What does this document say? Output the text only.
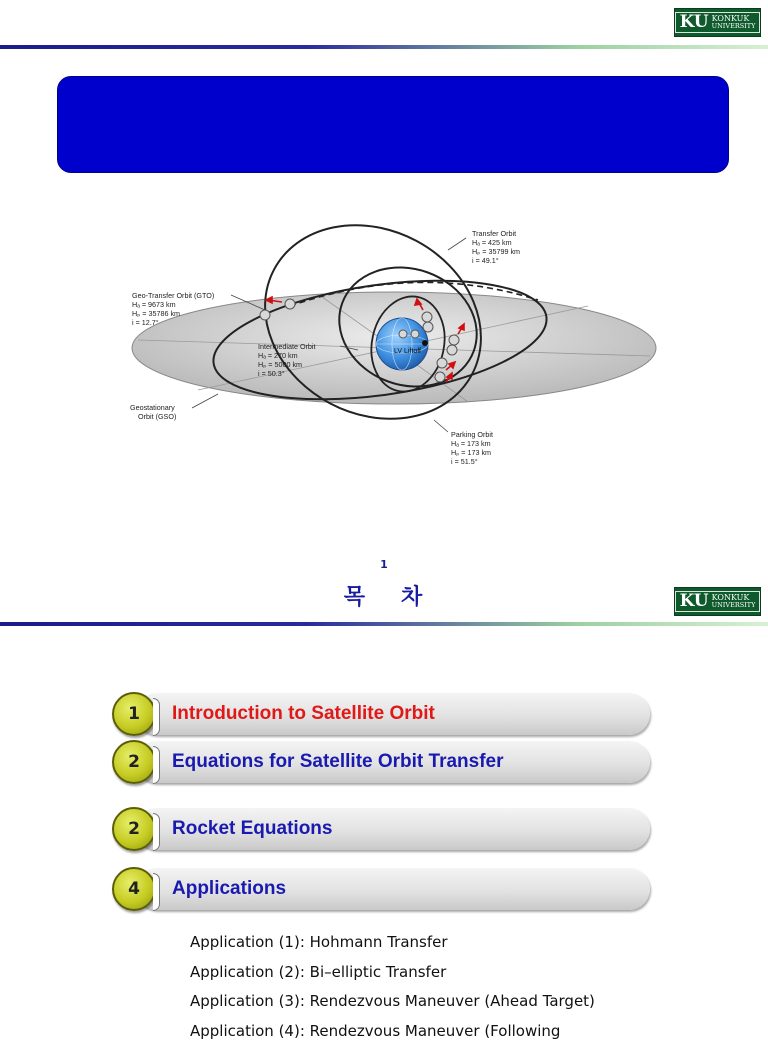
KU KONKUK
UNIVERSITY
LV Liftoff
Geo-Transfer Orbit (GTO)
Hₐ = 9673 km
Hₚ = 35786 km
i = 12.7°
Intermediate Orbit
Hₐ = 270 km
Hₚ = 5000 km
i = 50.3°
Transfer Orbit
Hₐ = 425 km
Hₚ = 35799 km
i = 49.1°
Geostationary
Orbit (GSO)
Parking Orbit
Hₐ = 173 km
Hₚ = 173 km
i = 51.5°
1
목 차	KU KONKUK
UNIVERSITY
1	Introduction to Satellite Orbit
2	Equations for Satellite Orbit Transfer
2	Rocket Equations
4	Applications
Application (1): Hohmann Transfer
Application (2): Bi–elliptic Transfer
Application (3): Rendezvous Maneuver (Ahead Target)
Application (4): Rendezvous Maneuver (Following
